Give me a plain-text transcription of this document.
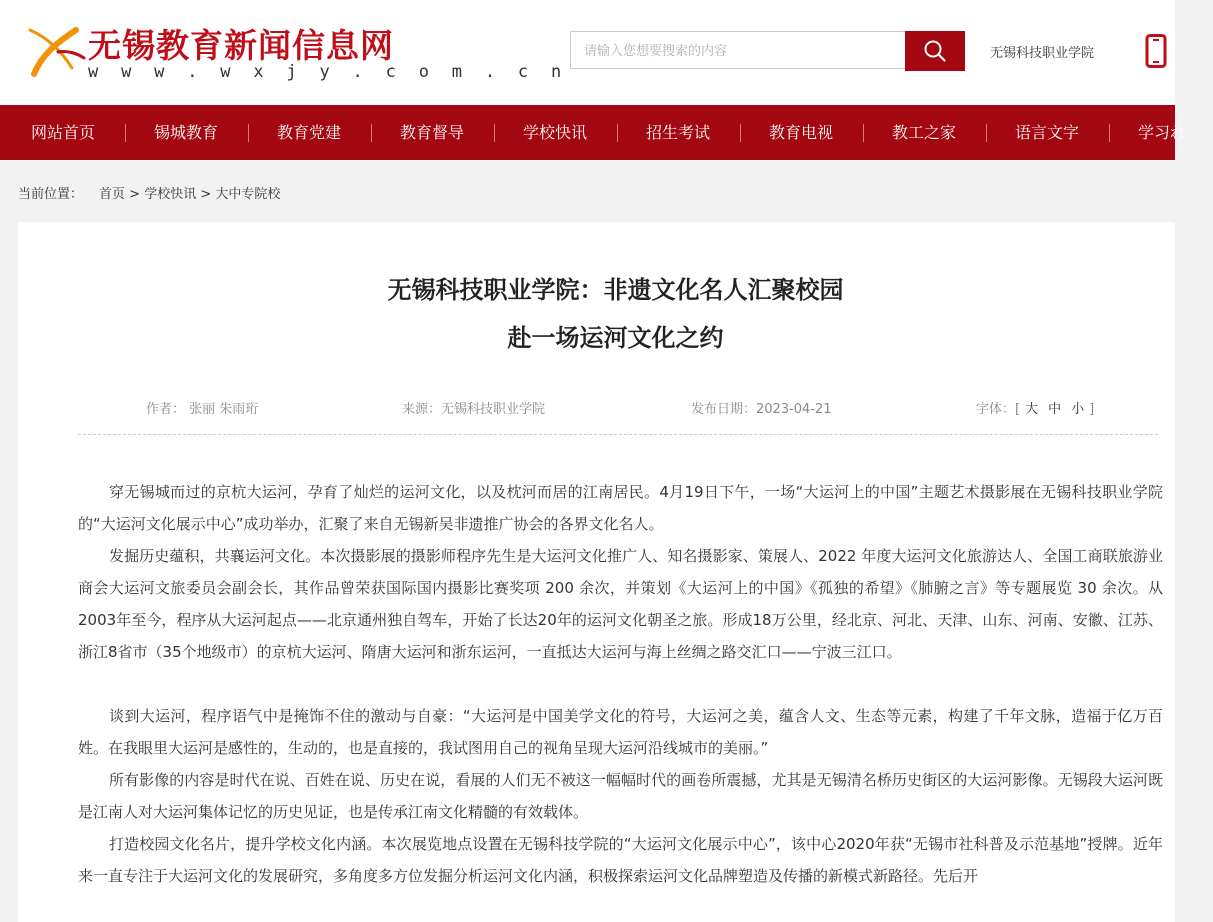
无锡教育新闻信息网
w w w . w x j y . c o m . c n
请输入您想要搜索的内容
无锡科技职业学院
网站首页	锡城教育	教育党建	教育督导	学校快讯	招生考试	教育电视	教工之家	语言文字	学习れ
当前位置： 首页 > 学校快讯 > 大中专院校
无锡科技职业学院：非遗文化名人汇聚校园
赴一场运河文化之约
作者： 张丽 朱雨珩	来源：无锡科技职业学院	发布日期：2023-04-21	字体：[ 大 中 小 ]

穿无锡城而过的京杭大运河，孕育了灿烂的运河文化，以及枕河而居的江南居民。4月19日下午，一场“大运河上的中国”主题艺术摄影展在无锡科技职业学院的“大运河文化展示中心”成功举办，汇聚了来自无锡新吴非遗推广协会的各界文化名人。

发掘历史蕴积，共襄运河文化。本次摄影展的摄影师程序先生是大运河文化推广人、知名摄影家、策展人、2022 年度大运河文化旅游达人、全国工商联旅游业商会大运河文旅委员会副会长，其作品曾荣获国际国内摄影比赛奖项 200 余次，并策划《大运河上的中国》《孤独的希望》《肺腑之言》等专题展览 30 余次。从2003年至今，程序从大运河起点——北京通州独自驾车，开始了长达20年的运河文化朝圣之旅。形成18万公里，经北京、河北、天津、山东、河南、安徽、江苏、浙江8省市（35个地级市）的京杭大运河、隋唐大运河和浙东运河，一直抵达大运河与海上丝绸之路交汇口——宁波三江口。

谈到大运河，程序语气中是掩饰不住的激动与自豪：“大运河是中国美学文化的符号，大运河之美，蕴含人文、生态等元素，构建了千年文脉，造福于亿万百姓。在我眼里大运河是感性的，生动的，也是直接的，我试图用自己的视角呈现大运河沿线城市的美丽。”

所有影像的内容是时代在说、百姓在说、历史在说，看展的人们无不被这一幅幅时代的画卷所震撼，尤其是无锡清名桥历史街区的大运河影像。无锡段大运河既是江南人对大运河集体记忆的历史见证，也是传承江南文化精髓的有效载体。

打造校园文化名片，提升学校文化内涵。本次展览地点设置在无锡科技学院的“大运河文化展示中心”，该中心2020年获“无锡市社科普及示范基地”授牌。近年来一直专注于大运河文化的发展研究，多角度多方位发掘分析运河文化内涵，积极探索运河文化品牌塑造及传播的新模式新路径。先后开
